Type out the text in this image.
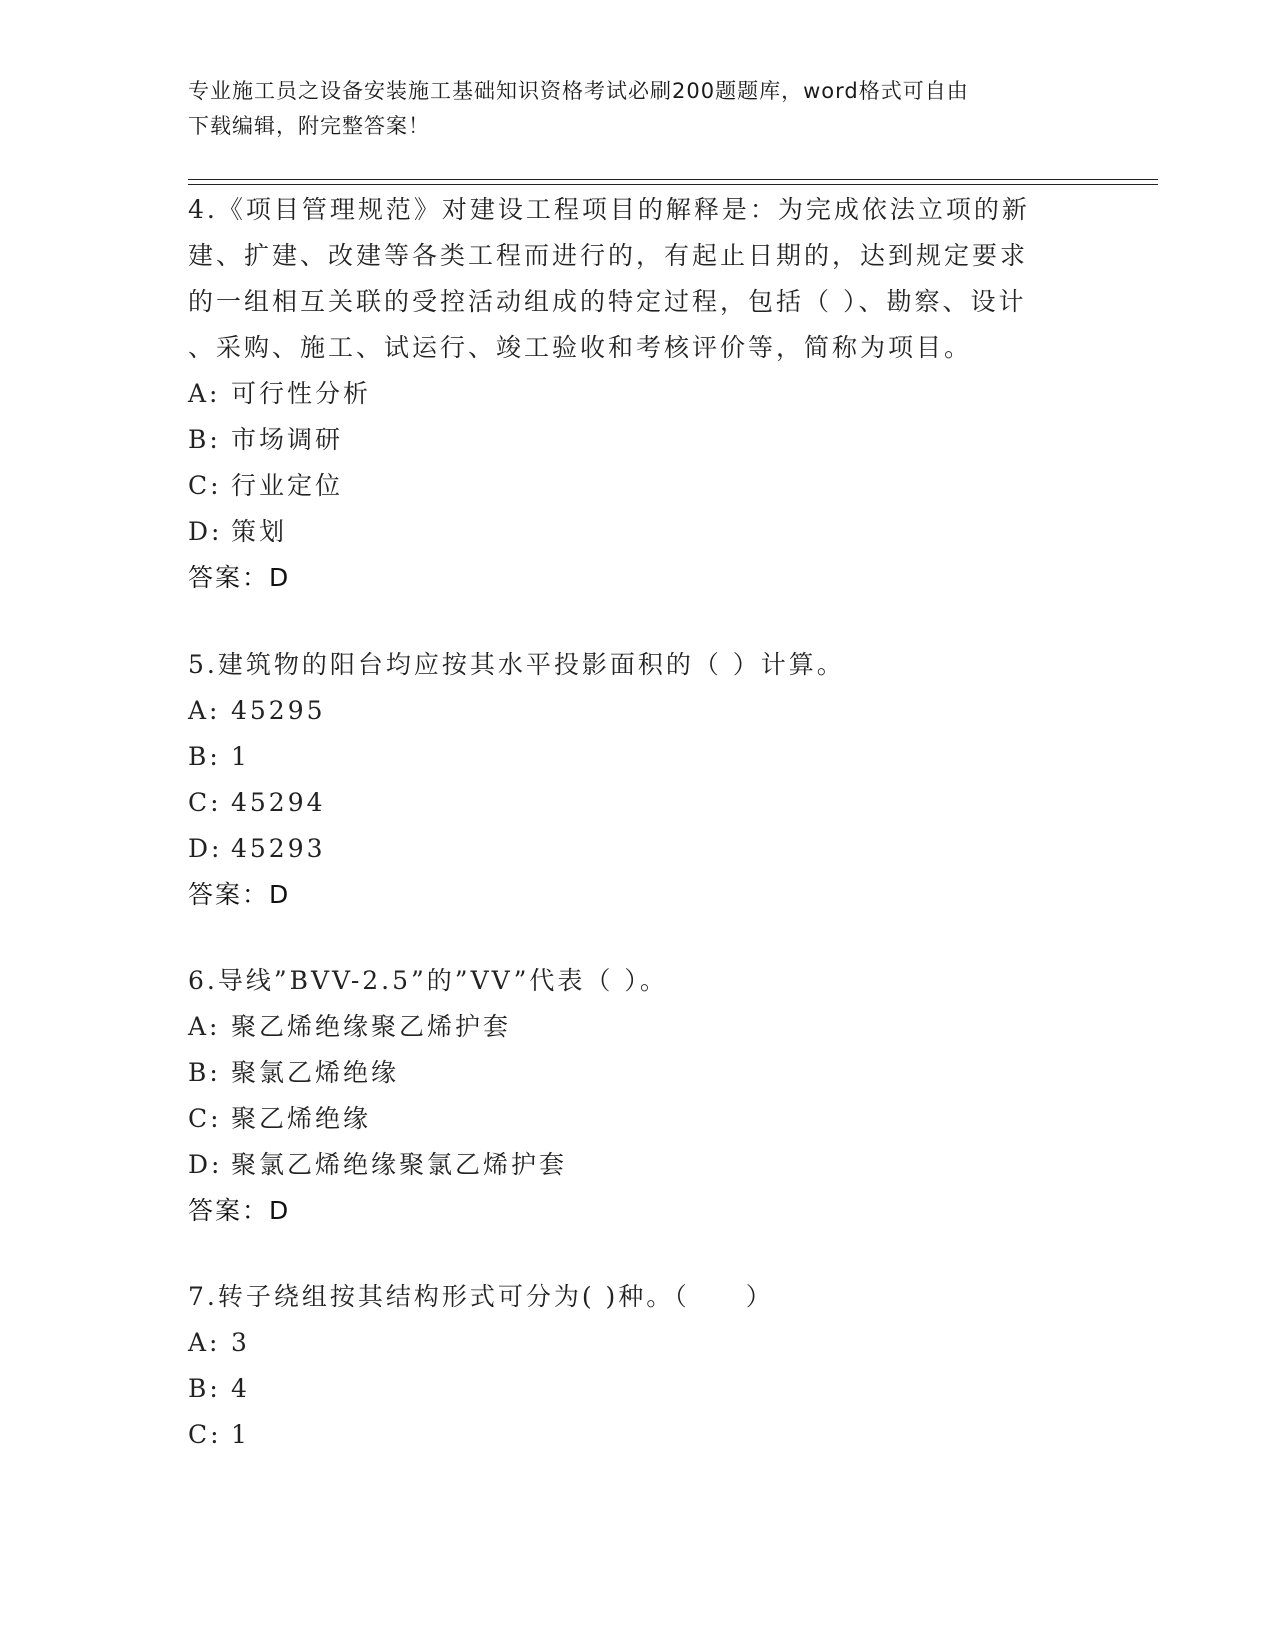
专业施工员之设备安装施工基础知识资格考试必刷200题题库，word格式可自由
下载编辑，附完整答案！
4.《项目管理规范》对建设工程项目的解释是：为完成依法立项的新
建、扩建、改建等各类工程而进行的，有起止日期的，达到规定要求
的一组相互关联的受控活动组成的特定过程，包括（ ）、勘察、设计
、采购、施工、试运行、竣工验收和考核评价等，简称为项目。
A: 可行性分析
B: 市场调研
C: 行业定位
D: 策划
答案：D
5.建筑物的阳台均应按其水平投影面积的（ ）计算。
A: 45295
B: 1
C: 45294
D: 45293
答案：D
6.导线”BVV-2.5”的”VV”代表（ ）。
A: 聚乙烯绝缘聚乙烯护套
B: 聚氯乙烯绝缘
C: 聚乙烯绝缘
D: 聚氯乙烯绝缘聚氯乙烯护套
答案：D
7.转子绕组按其结构形式可分为( )种。（　　）
A: 3
B: 4
C: 1
